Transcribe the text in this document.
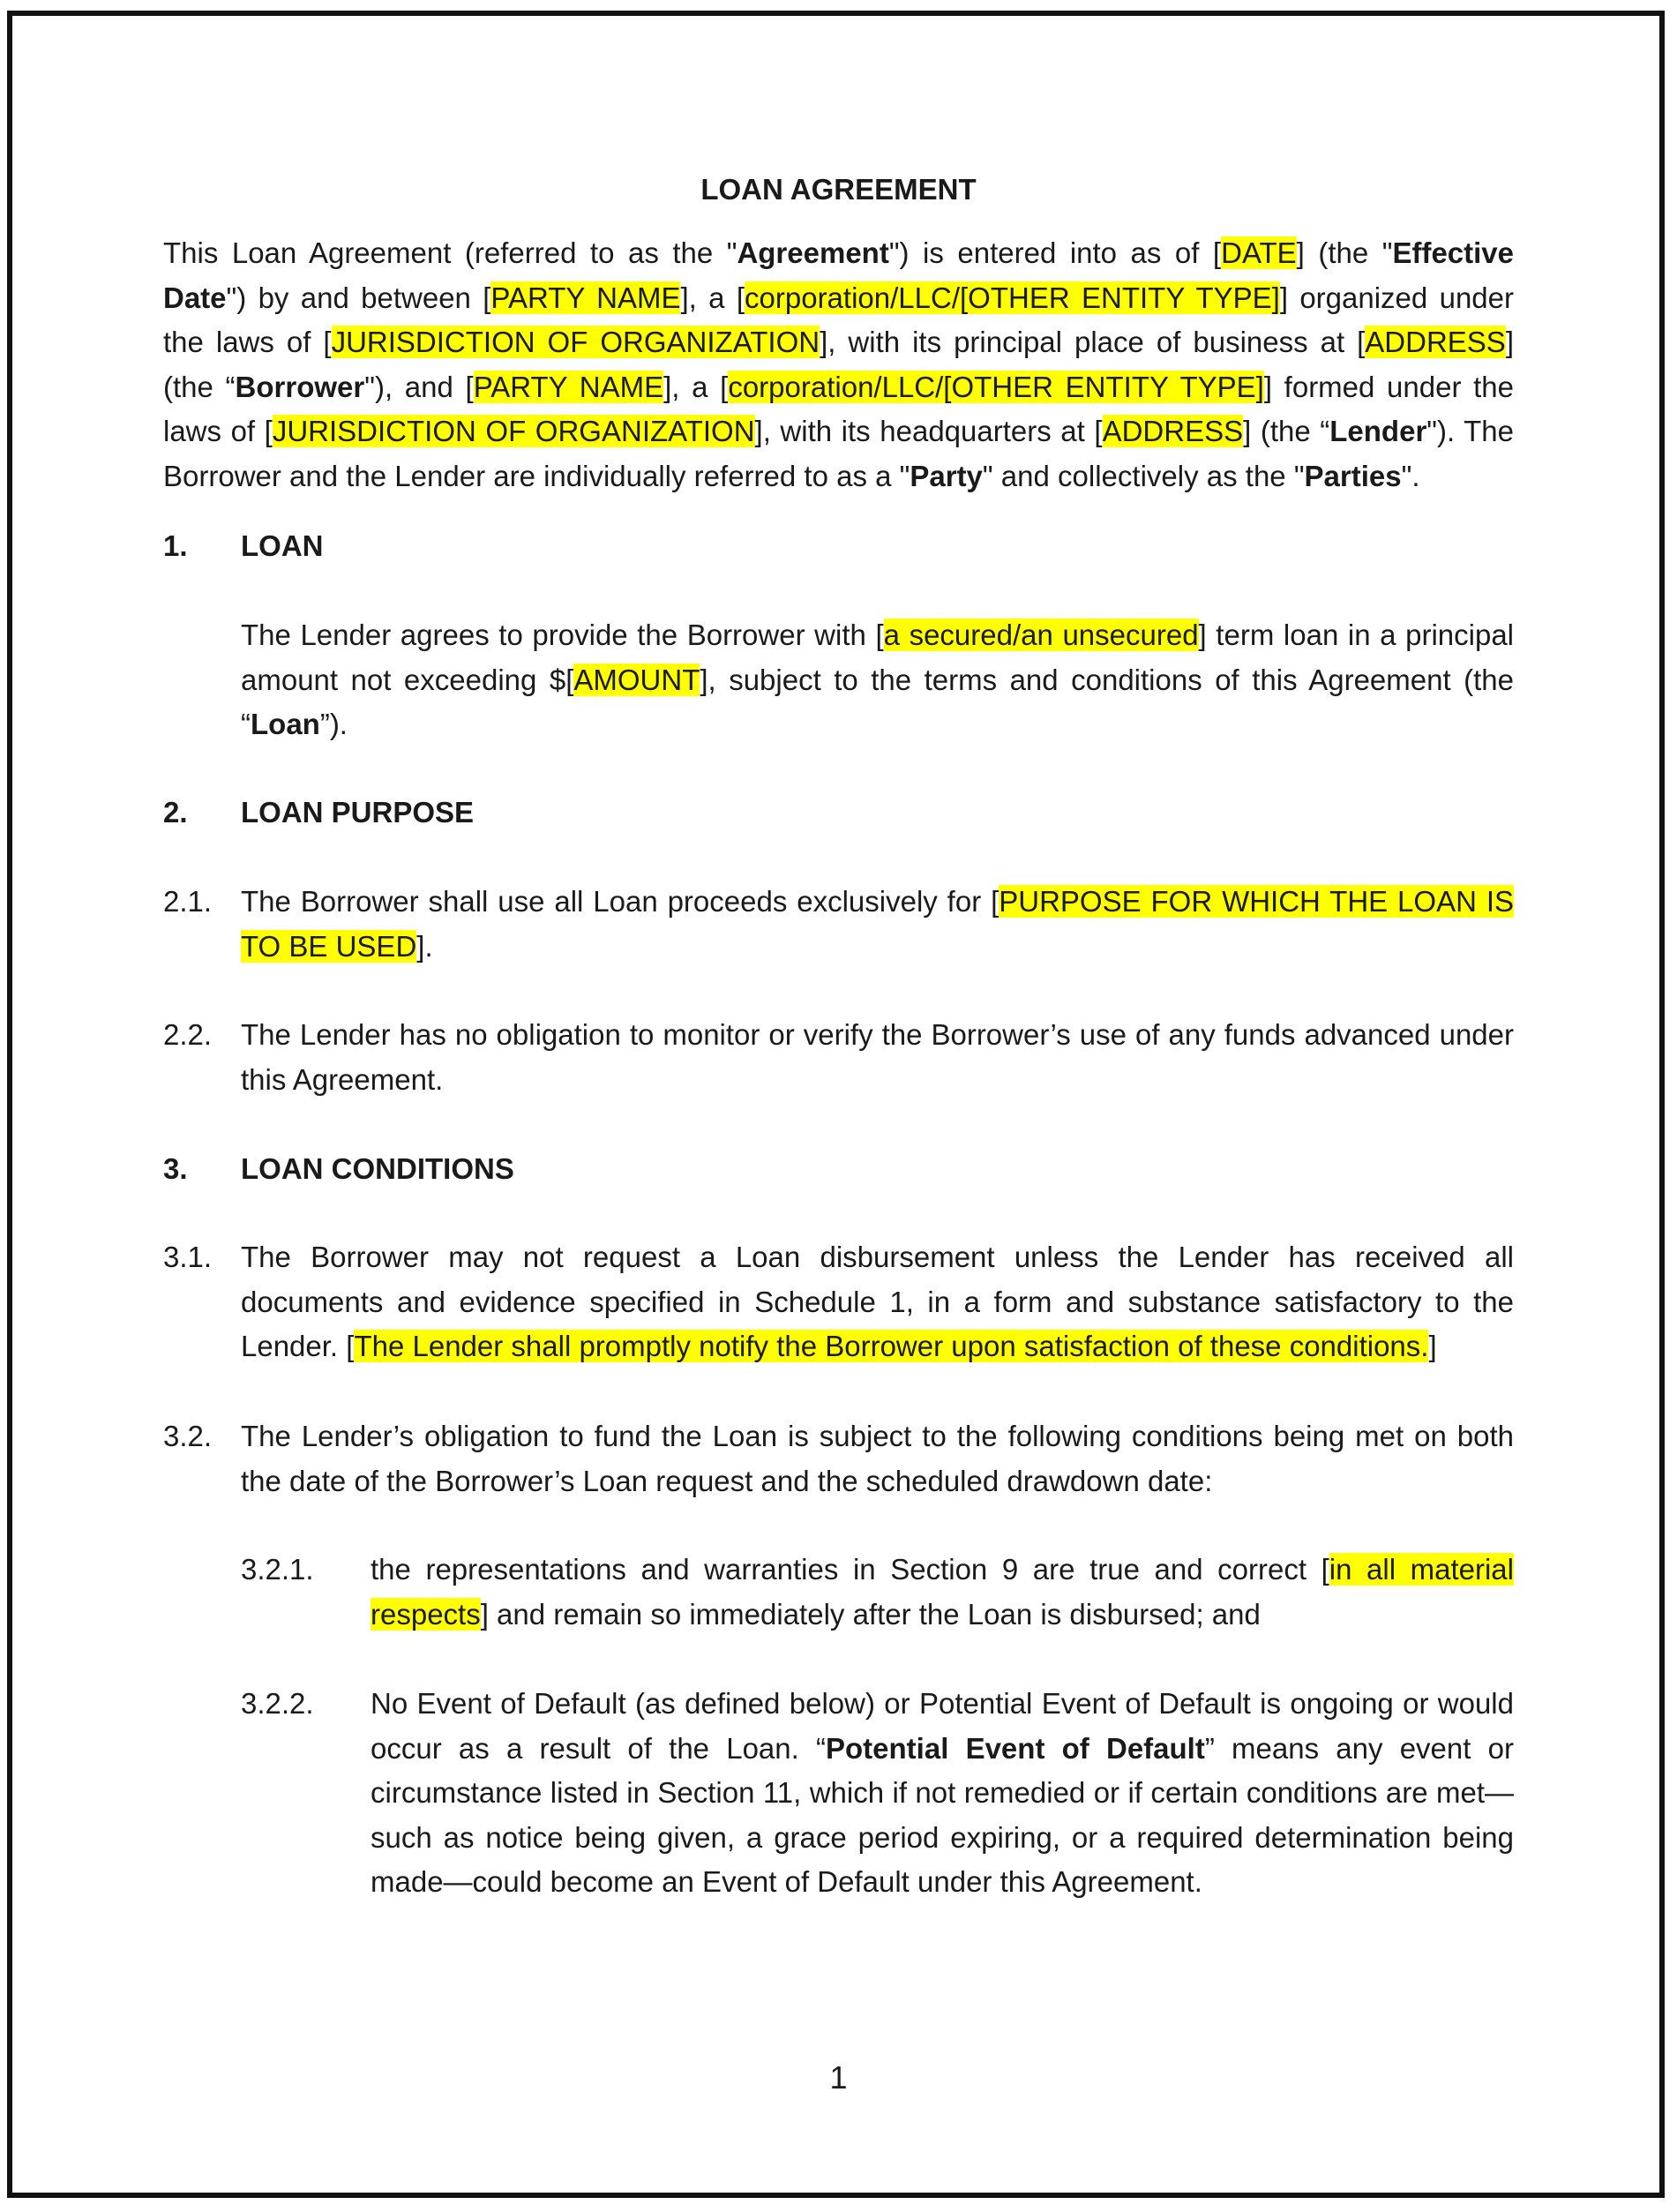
LOAN AGREEMENT
This Loan Agreement (referred to as the "Agreement") is entered into as of [DATE] (the "Effective Date") by and between [PARTY NAME], a [corporation/LLC/[OTHER ENTITY TYPE]] organized under the laws of [JURISDICTION OF ORGANIZATION], with its principal place of business at [ADDRESS] (the “Borrower"), and [PARTY NAME], a [corporation/LLC/[OTHER ENTITY TYPE]] formed under the laws of [JURISDICTION OF ORGANIZATION], with its headquarters at [ADDRESS] (the “Lender"). The Borrower and the Lender are individually referred to as a "Party" and collectively as the "Parties".
1. LOAN
The Lender agrees to provide the Borrower with [a secured/an unsecured] term loan in a principal amount not exceeding $[AMOUNT], subject to the terms and conditions of this Agreement (the “Loan”).
2. LOAN PURPOSE
2.1. The Borrower shall use all Loan proceeds exclusively for [PURPOSE FOR WHICH THE LOAN IS TO BE USED].
2.2. The Lender has no obligation to monitor or verify the Borrower’s use of any funds advanced under this Agreement.
3. LOAN CONDITIONS
3.1. The Borrower may not request a Loan disbursement unless the Lender has received all documents and evidence specified in Schedule 1, in a form and substance satisfactory to the Lender. [The Lender shall promptly notify the Borrower upon satisfaction of these conditions.]
3.2. The Lender’s obligation to fund the Loan is subject to the following conditions being met on both the date of the Borrower’s Loan request and the scheduled drawdown date:
3.2.1. the representations and warranties in Section 9 are true and correct [in all material respects] and remain so immediately after the Loan is disbursed; and
3.2.2. No Event of Default (as defined below) or Potential Event of Default is ongoing or would occur as a result of the Loan. “Potential Event of Default” means any event or circumstance listed in Section 11, which if not remedied or if certain conditions are met—such as notice being given, a grace period expiring, or a required determination being made—could become an Event of Default under this Agreement.
1
